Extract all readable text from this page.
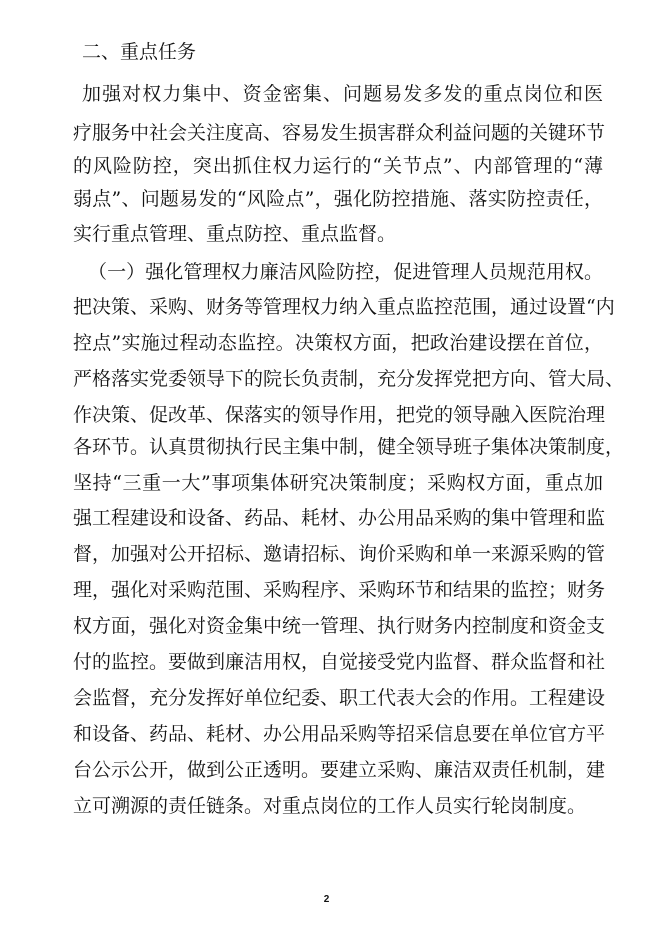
二、重点任务
加强对权力集中、资金密集、问题易发多发的重点岗位和医
疗服务中社会关注度高、容易发生损害群众利益问题的关键环节
的风险防控，突出抓住权力运行的“关节点”、内部管理的“薄
弱点”、问题易发的“风险点”，强化防控措施、落实防控责任，
实行重点管理、重点防控、重点监督。
（一）强化管理权力廉洁风险防控，促进管理人员规范用权。
把决策、采购、财务等管理权力纳入重点监控范围，通过设置“内
控点”实施过程动态监控。决策权方面，把政治建设摆在首位，
严格落实党委领导下的院长负责制，充分发挥党把方向、管大局、
作决策、促改革、保落实的领导作用，把党的领导融入医院治理
各环节。认真贯彻执行民主集中制，健全领导班子集体决策制度，
坚持“三重一大”事项集体研究决策制度；采购权方面，重点加
强工程建设和设备、药品、耗材、办公用品采购的集中管理和监
督，加强对公开招标、邀请招标、询价采购和单一来源采购的管
理，强化对采购范围、采购程序、采购环节和结果的监控；财务
权方面，强化对资金集中统一管理、执行财务内控制度和资金支
付的监控。要做到廉洁用权，自觉接受党内监督、群众监督和社
会监督，充分发挥好单位纪委、职工代表大会的作用。工程建设
和设备、药品、耗材、办公用品采购等招采信息要在单位官方平
台公示公开，做到公正透明。要建立采购、廉洁双责任机制，建
立可溯源的责任链条。对重点岗位的工作人员实行轮岗制度。
2
